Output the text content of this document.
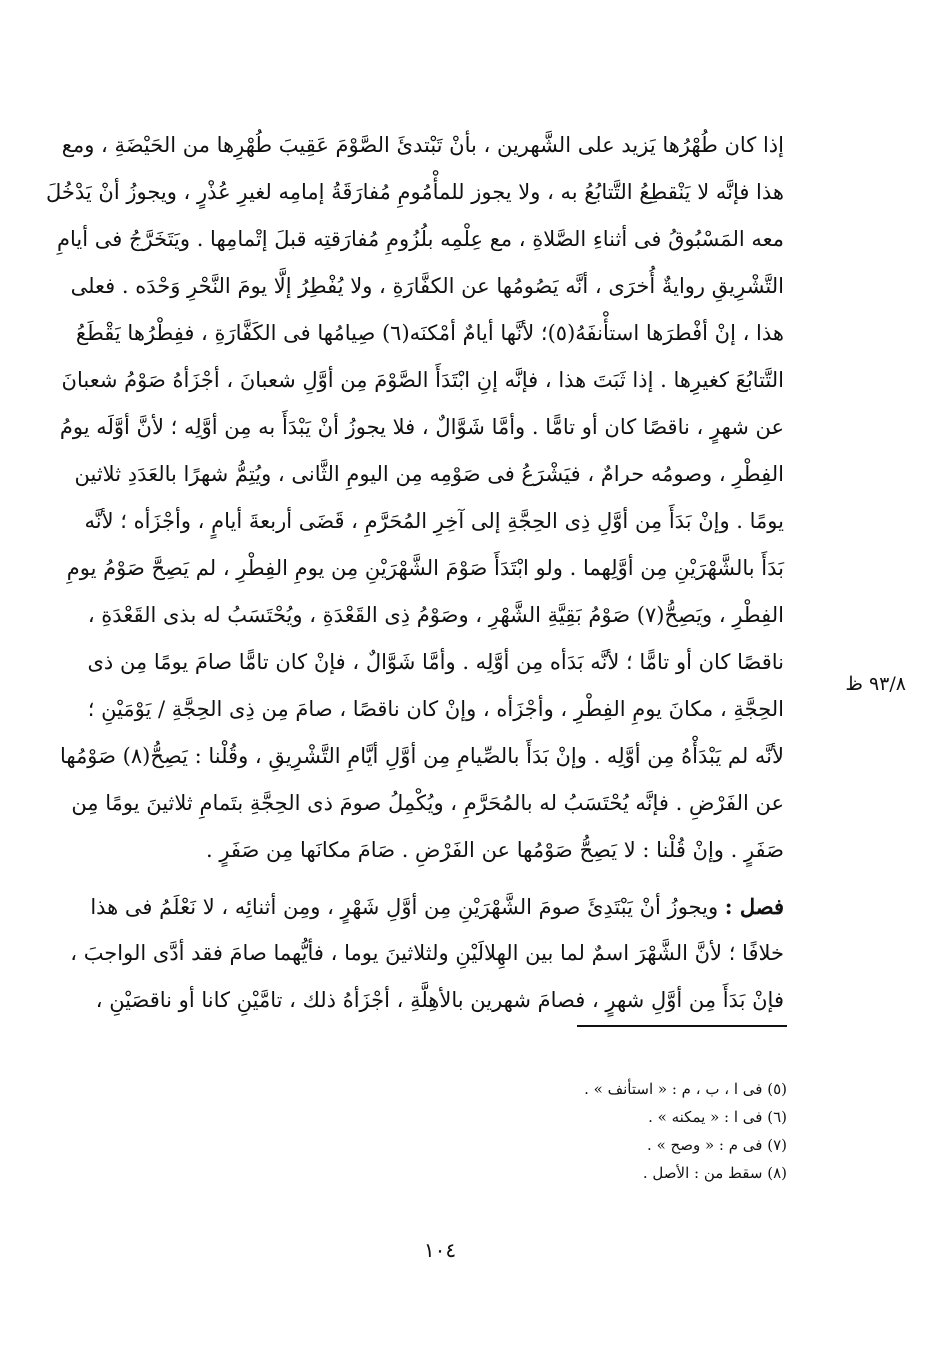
إذا كان طُهْرُها يَزيد على الشَّهرين ، بأنْ تَبْتدئَ الصَّوْمَ عَقِيبَ طُهْرِها من الحَيْضَةِ ، ومع
هذا فإنَّه لا يَنْقطِعُ التَّتابُعُ به ، ولا يجوز للمأْمُومِ مُفارَقَةُ إمامِه لغيرِ عُذْرٍ ، ويجوزُ أنْ يَدْخُلَ
معه المَسْبُوقُ فى أثناءِ الصَّلاةِ ، مع عِلْمِه بلُزُومِ مُفارَقتِه قبلَ إتْمامِها . ويَتَخَرَّجُ فى أيامِ
التَّشْرِيقِ روايةٌ أُخرَى ، أنَّه يَصُومُها عن الكفَّارَةِ ، ولا يُفْطِرُ إلَّا يومَ النَّحْرِ وَحْدَه . فعلى
هذا ، إنْ أفْطرَها استأْنفَهُ(٥)؛ لأنَّها أيامٌ أمْكنَه(٦) صِيامُها فى الكَفَّارَةِ ، ففِطْرُها يَقْطَعُ
التَّتابُعَ كغيرِها . إذا ثَبَتَ هذا ، فإنَّه إنِ ابْتَدَأَ الصَّوْمَ مِن أوَّلِ شعبانَ ، أجْزَأهُ صَوْمُ شعبانَ
عن شهرٍ ، ناقصًا كان أو تامًّا . وأمَّا شَوَّالٌ ، فلا يجوزُ أنْ يَبْدَأَ به مِن أوَّلِه ؛ لأنَّ أوَّلَه يومُ
الفِطْرِ ، وصومُه حرامٌ ، فيَشْرَعُ فى صَوْمِه مِن اليومِ الثَّانى ، ويُتِمُّ شهرًا بالعَدَدِ ثلاثين
يومًا . وإنْ بَدَأَ مِن أوَّلِ ذِى الحِجَّةِ إلى آخِرِ المُحَرَّمِ ، قَضَى أربعةَ أيامٍ ، وأجْزَأه ؛ لأنَّه
بَدَأَ بالشَّهْرَيْنِ مِن أوَّلِهما . ولو ابْتَدَأَ صَوْمَ الشَّهْرَيْنِ مِن يومِ الفِطْرِ ، لم يَصِحَّ صَوْمُ يومِ
الفِطْرِ ، ويَصِحُّ(٧) صَوْمُ بَقِيَّةِ الشَّهْرِ ، وصَوْمُ ذِى القَعْدَةِ ، ويُحْتَسَبُ له بذى القَعْدَةِ ،
ناقصًا كان أو تامًّا ؛ لأنَّه بَدَأه مِن أوَّلِه . وأمَّا شَوَّالٌ ، فإنْ كان تامًّا صامَ يومًا مِن ذى
الحِجَّةِ ، مكانَ يومِ الفِطْرِ ، وأجْزَأه ، وإنْ كان ناقصًا ، صامَ مِن ذِى الحِجَّةِ / يَوْمَيْنِ ؛
لأنَّه لم يَبْدَأْهُ مِن أوَّلِه . وإنْ بَدَأَ بالصِّيامِ مِن أوَّلِ أيَّامِ التَّشْرِيقِ ، وقُلْنا : يَصِحُّ(٨) صَوْمُها
عن الفَرْضِ . فإنَّه يُحْتَسَبُ له بالمُحَرَّمِ ، ويُكْمِلُ صومَ ذى الحِجَّةِ بتَمامِ ثلاثينَ يومًا مِن
صَفَرٍ . وإنْ قُلْنا : لا يَصِحُّ صَوْمُها عن الفَرْضِ . صَامَ مكانَها مِن صَفَرٍ .
فصل : ويجوزُ أنْ يَبْتَدِئَ صومَ الشَّهْرَيْنِ مِن أوَّلِ شَهْرٍ ، ومِن أثنائِه ، لا نَعْلَمُ فى هذا
خلافًا ؛ لأنَّ الشَّهْرَ اسمٌ لما بين الهِلالَيْنِ ولثلاثينَ يوما ، فأيُّهما صامَ فقد أدَّى الواجبَ ،
فإنْ بَدَأَ مِن أوَّلِ شهرٍ ، فصامَ شهرين بالأهِلَّةِ ، أجْزَأهُ ذلك ، تامَّيْنِ كانا أو ناقصَيْنِ ،
٩٣/٨ ظ
(٥) فى ا ، ب ، م : « استأنف » .
(٦) فى ا : « يمكنه » .
(٧) فى م : « وصح » .
(٨) سقط من : الأصل .
١٠٤
